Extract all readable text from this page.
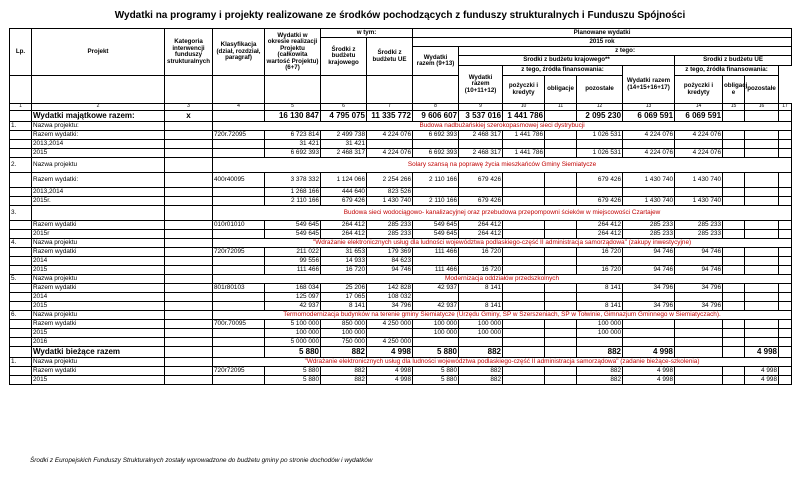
Wydatki na programy i projekty realizowane ze środków pochodzących z funduszy strukturalnych i Funduszu Spójności
Lp.	Projekt	Kategoria interwencji funduszy strukturalnych	Klasyfikacja (dział, rozdział, paragraf)	Wydatki w okresie realizacji Projektu (całkowita wartość Projektu) (6+7)	w tym:		Planowane wydatki									
					Środki z budżetu krajowego	Środki z budżetu UE	2015 rok									
							Wydatki razem (9+13)	z tego:								
								Środki z budżetu krajowego**					Środki z budżetu UE			
								Wydatki razem (10+11+12)	z tego, źródła finansowania:			Wydatki razem (14+15+16+17)	z tego, źródła finansowania:			
									pożyczki i kredyty	obligacje	pozostałe		pożyczki i kredyty	obligacj e	pozostałe	
1	2	3	4	5	6	7	8	9	10	11	12	13	14	15	16	17
	Wydatki majątkowe razem:	x		16 130 847	4 795 075	11 335 772	9 606 607	3 537 016	1 441 786		2 095 230	6 069 591	6 069 591			
1.	Nazwa projektu:		Budowa nadbużańskiej szerokopasmowej sieci dystrybucji													
	Razem wydatki:		720r.72095	6 723 814	2 499 738	4 224 076	6 692 393	2 468 317	1 441 786		1 026 531	4 224 076	4 224 076			
	2013,2014			31 421	31 421											
	2015			6 692 393	2 468 317	4 224 076	6 692 393	2 468 317	1 441 786		1 026 531	4 224 076	4 224 076			
2.	Nazwa projektu		Solary szansą na poprawę życia mieszkańców Gminy Siemiatycze													
	Razem wydatki:		400r40095	3 378 332	1 124 066	2 254 266	2 110 166	679 426			679 426	1 430 740	1 430 740			
	2013,2014			1 268 166	444 640	823 526										
	2015r.			2 110 166	679 426	1 430 740	2 110 166	679 426			679 426	1 430 740	1 430 740			
3.			Budowa sieci wodociągowo- kanalizacyjnej oraz przebudowa przepompowni ścieków w miejscowości Czartajew													
	Razem wydatki		010r01010	549 645	264 412	285 233	549 645	264 412			264 412	285 233	285 233			
	2015r			549 645	264 412	285 233	549 645	264 412			264 412	285 233	285 233			
4.	Nazwa projektu		"Wdrażanie elektronicznych usług dla ludności województwa podlaskiego-część II administracja samorządowa" (zakupy inwestycyjne)													
	Razem wydatki		720r72095	211 022	31 653	179 369	111 466	16 720			16 720	94 746	94 746			
	2014			99 556	14 933	84 623										
	2015			111 466	16 720	94 746	111 466	16 720			16 720	94 746	94 746			
5.	Nazwa projektu		Modernizacja oddziałów przedszkolnych													
	Razem wydatki		801r80103	168 034	25 206	142 828	42 937	8 141			8 141	34 796	34 796			
	2014			125 097	17 065	108 032										
	2015			42 937	8 141	34 796	42 937	8 141			8 141	34 796	34 796			
6.	Nazwa projektu		Termomodernizacja budynków na terenie gminy Siemiatycze (Urzędu Gminy, SP w Szerszeniach, SP w Tołwinie, Gimnazjum Gminnego w Siemiatyczach).													
	Razem wydatki		700r.70095	5 100 000	850 000	4 250 000	100 000	100 000			100 000					
	2015			100 000	100 000		100 000	100 000			100 000					
	2016			5 000 000	750 000	4 250 000										
	Wydatki bieżące razem			5 880	882	4 998	5 880	882			882	4 998			4 998	
1.	Nazwa projektu		"Wdrażanie elektronicznych usług dla ludności województwa podlaskiego-część II administracja samorządowa" (zadanie bieżące-szkolenia)													
	Razem wydatki		720r72095	5 880	882	4 998	5 880	882			882	4 998			4 998	
	2015			5 880	882	4 998	5 880	882			882	4 998			4 998	
Środki z Europejskich Funduszy Strukturalnych zostały wprowadzone do budżetu gminy po stronie dochodów i wydatków
